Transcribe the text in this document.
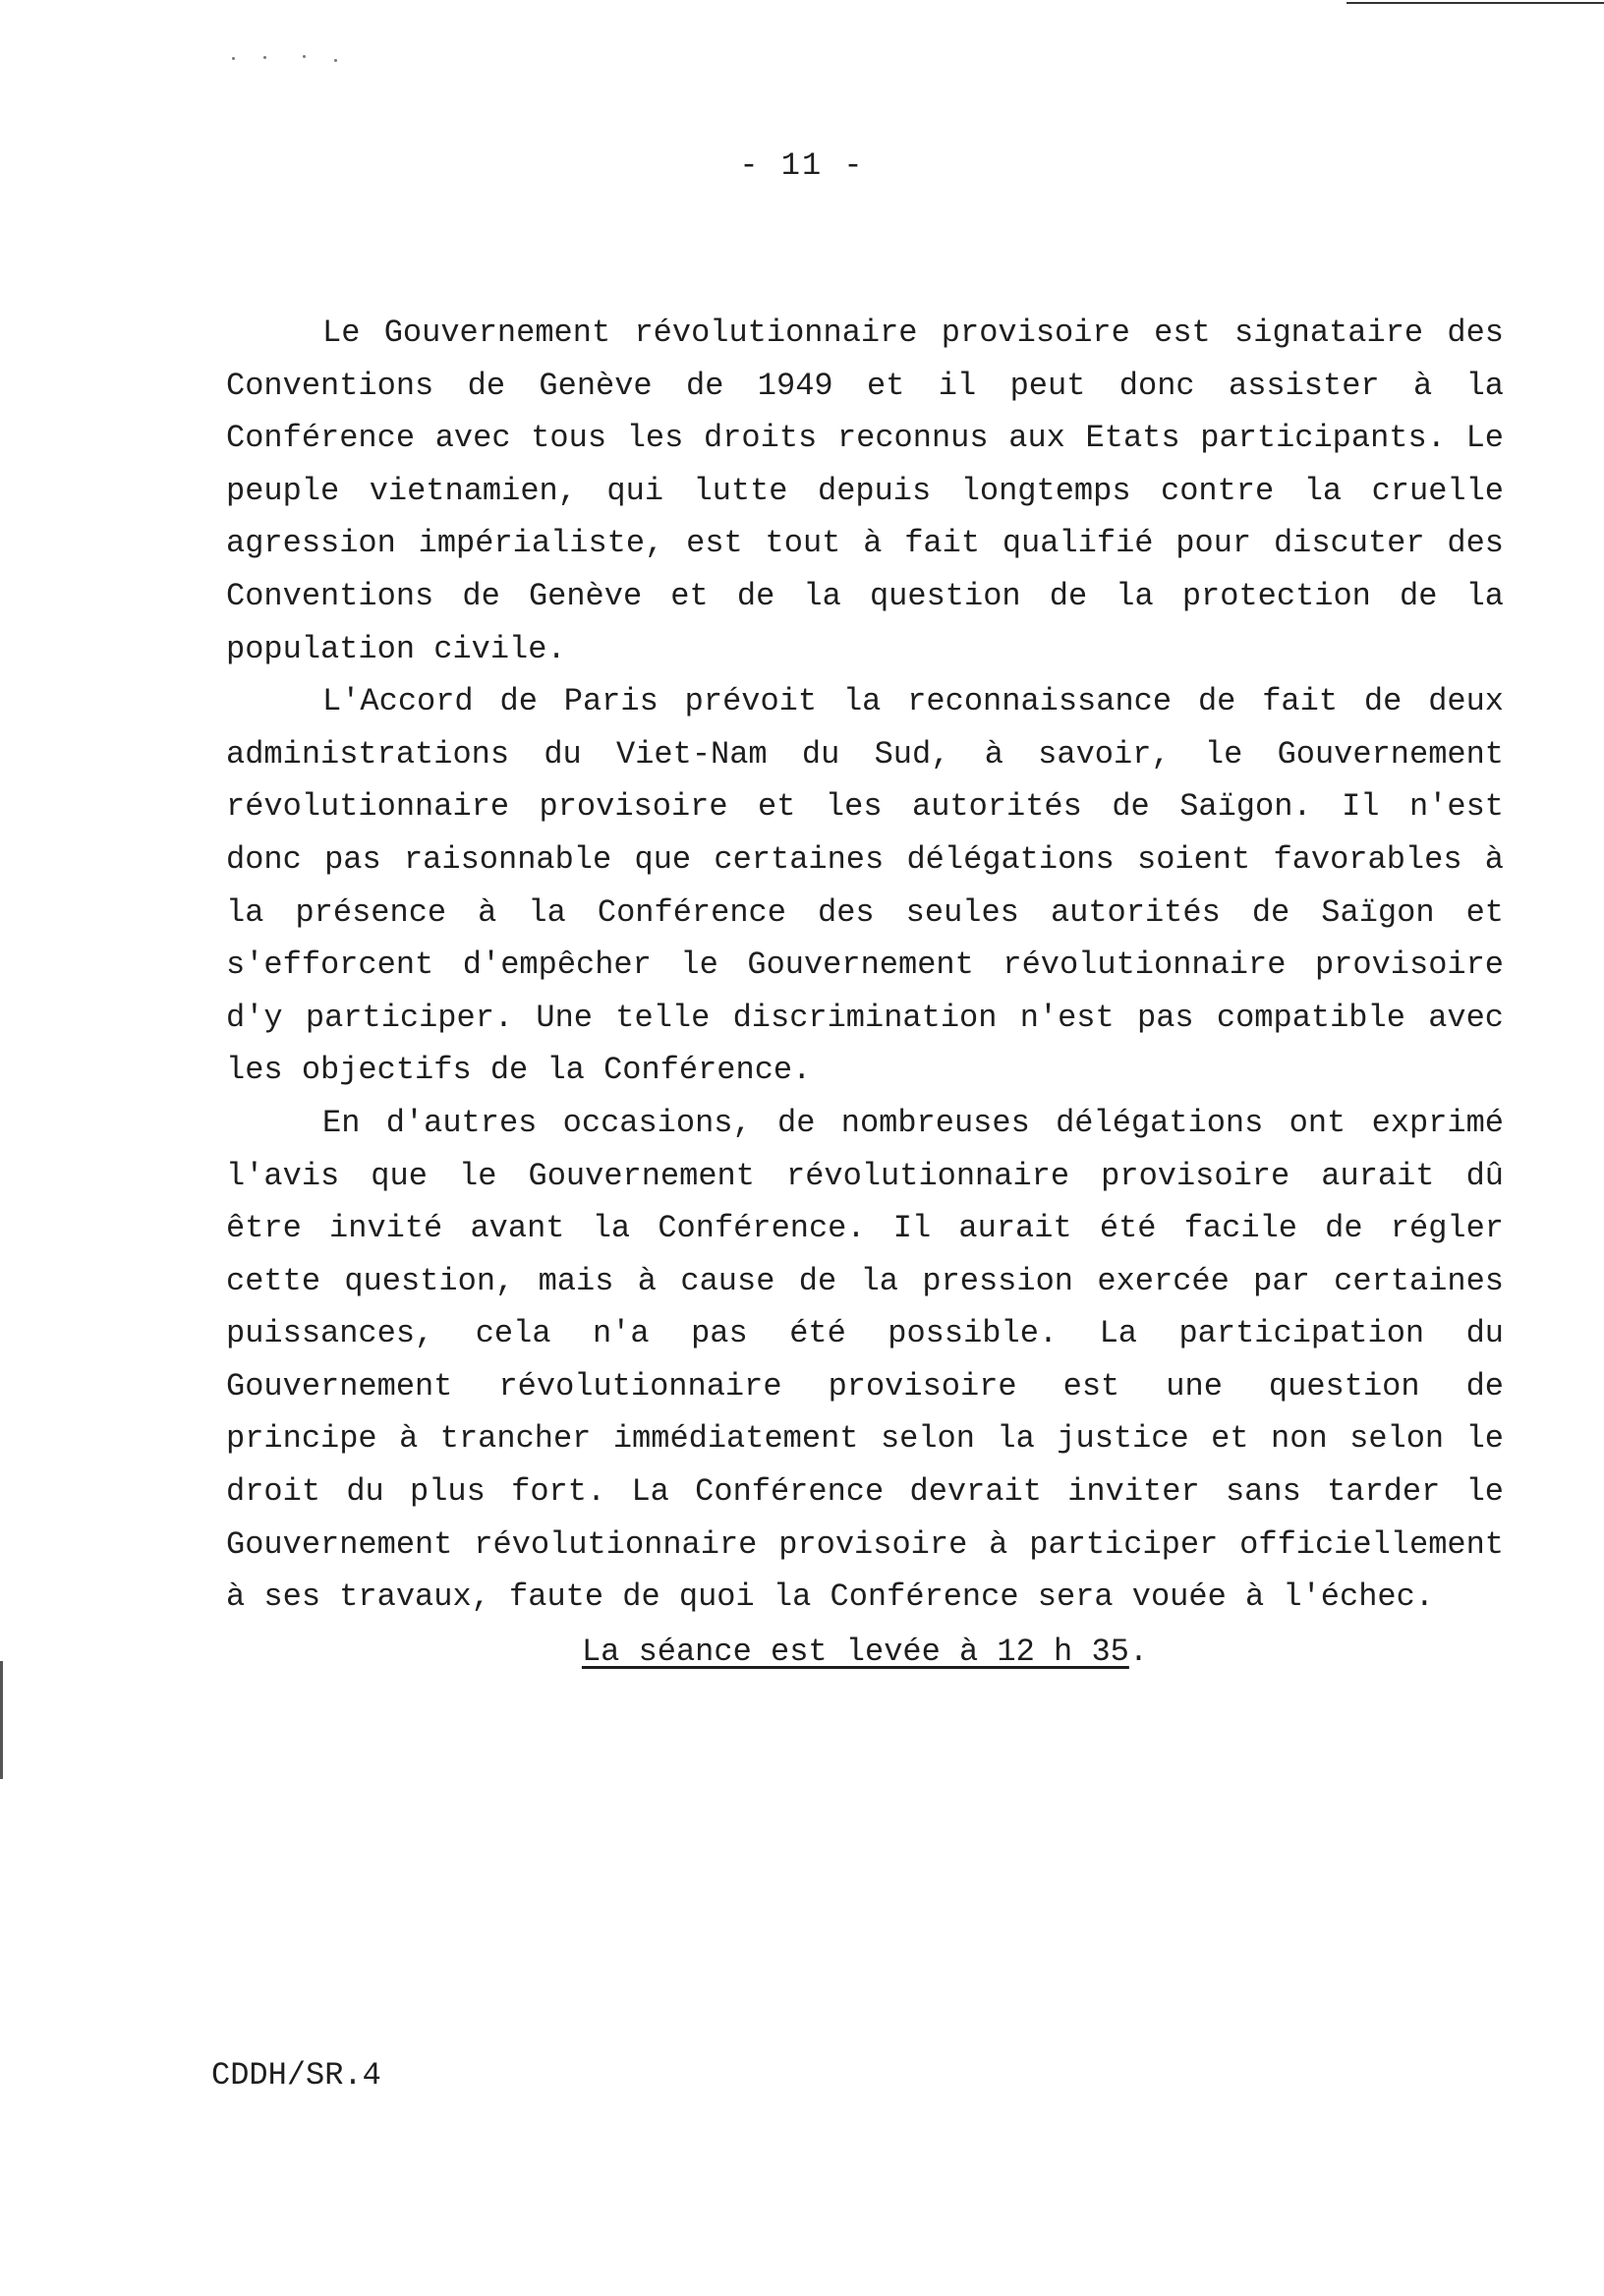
- 11 -

Le Gouvernement révolutionnaire provisoire est signataire des Conventions de Genève de 1949 et il peut donc assister à la Conférence avec tous les droits reconnus aux Etats participants. Le peuple vietnamien, qui lutte depuis longtemps contre la cruelle agression impérialiste, est tout à fait qualifié pour discuter des Conventions de Genève et de la question de la protection de la population civile.

L'Accord de Paris prévoit la reconnaissance de fait de deux administrations du Viet-Nam du Sud, à savoir, le Gouvernement révolutionnaire provisoire et les autorités de Saïgon. Il n'est donc pas raisonnable que certaines délégations soient favorables à la présence à la Conférence des seules autorités de Saïgon et s'efforcent d'empêcher le Gouvernement révolutionnaire provisoire d'y participer. Une telle discrimination n'est pas compatible avec les objectifs de la Conférence.

En d'autres occasions, de nombreuses délégations ont exprimé l'avis que le Gouvernement révolutionnaire provisoire aurait dû être invité avant la Conférence. Il aurait été facile de régler cette question, mais à cause de la pression exercée par certaines puissances, cela n'a pas été possible. La participation du Gouvernement révolutionnaire provisoire est une question de principe à trancher immédiatement selon la justice et non selon le droit du plus fort. La Conférence devrait inviter sans tarder le Gouvernement révolutionnaire provisoire à participer officiellement à ses travaux, faute de quoi la Conférence sera vouée à l'échec.

La séance est levée à 12 h 35.

CDDH/SR.4
